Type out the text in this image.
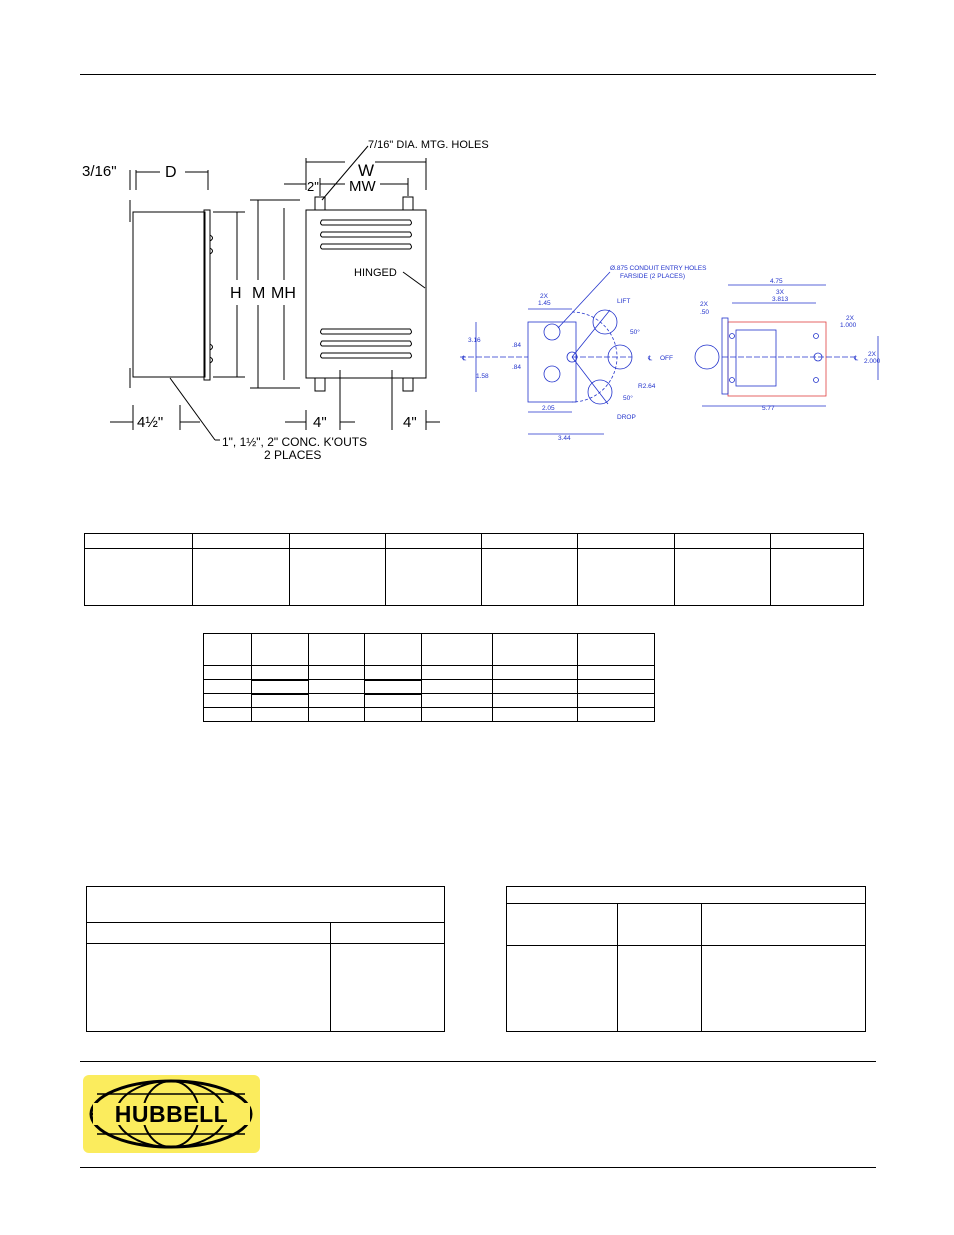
3/16"	D
H M MH
W
2" MW
7/16" DIA. MTG. HOLES
HINGED
4½"	4"	4"
1", 1½", 2" CONC. K'OUTS
2 PLACES
Ø.875 CONDUIT ENTRY HOLES
FARSIDE (2 PLACES)
LIFT
OFF
DROP
℄
℄
2X
1.45
3.16
.84
.84
1.58
2.05
3.44
50°
50°
R2.64
4.75
3X
3.813
2X
.50
2X
1.000
2X
2.000
℄
5.77

HUBBELL
